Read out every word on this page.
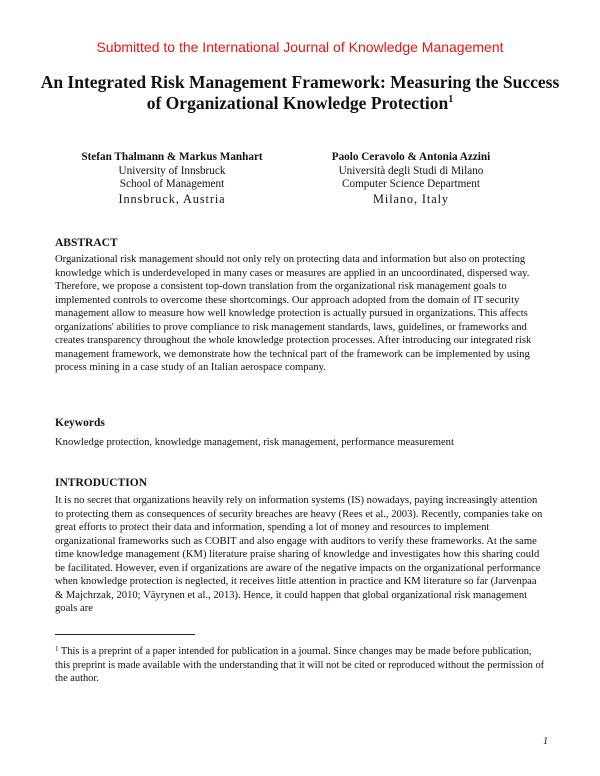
Submitted to the International Journal of Knowledge Management
An Integrated Risk Management Framework: Measuring the Success of Organizational Knowledge Protection$^1$
Stefan Thalmann & Markus Manhart
University of Innsbruck
School of Management
Innsbruck, Austria
Paolo Ceravolo & Antonia Azzini
Università degli Studi di Milano
Computer Science Department
Milano, Italy
ABSTRACT

Organizational risk management should not only rely on protecting data and information but also on protecting knowledge which is underdeveloped in many cases or measures are applied in an uncoordinated, dispersed way. Therefore, we propose a consistent top-down translation from the organizational risk management goals to implemented controls to overcome these shortcomings. Our approach adopted from the domain of IT security management allow to measure how well knowledge protection is actually pursued in organizations. This affects organizations' abilities to prove compliance to risk management standards, laws, guidelines, or frameworks and creates transparency throughout the whole knowledge protection processes. After introducing our integrated risk management framework, we demonstrate how the technical part of the framework can be implemented by using process mining in a case study of an Italian aerospace company.

Keywords

Knowledge protection, knowledge management, risk management, performance measurement

INTRODUCTION

It is no secret that organizations heavily rely on information systems (IS) nowadays, paying increasingly attention to protecting them as consequences of security breaches are heavy (Rees et al., 2003). Recently, companies take on great efforts to protect their data and information, spending a lot of money and resources to implement organizational frameworks such as COBIT and also engage with auditors to verify these frameworks. At the same time knowledge management (KM) literature praise sharing of knowledge and investigates how this sharing could be facilitated. However, even if organizations are aware of the negative impacts on the organizational performance when knowledge protection is neglected, it receives little attention in practice and KM literature so far (Jarvenpaa & Majchrzak, 2010; Väyrynen et al., 2013). Hence, it could happen that global organizational risk management goals are

$^1$ This is a preprint of a paper intended for publication in a journal. Since changes may be made before publication, this preprint is made available with the understanding that it will not be cited or reproduced without the permission of the author.

1
